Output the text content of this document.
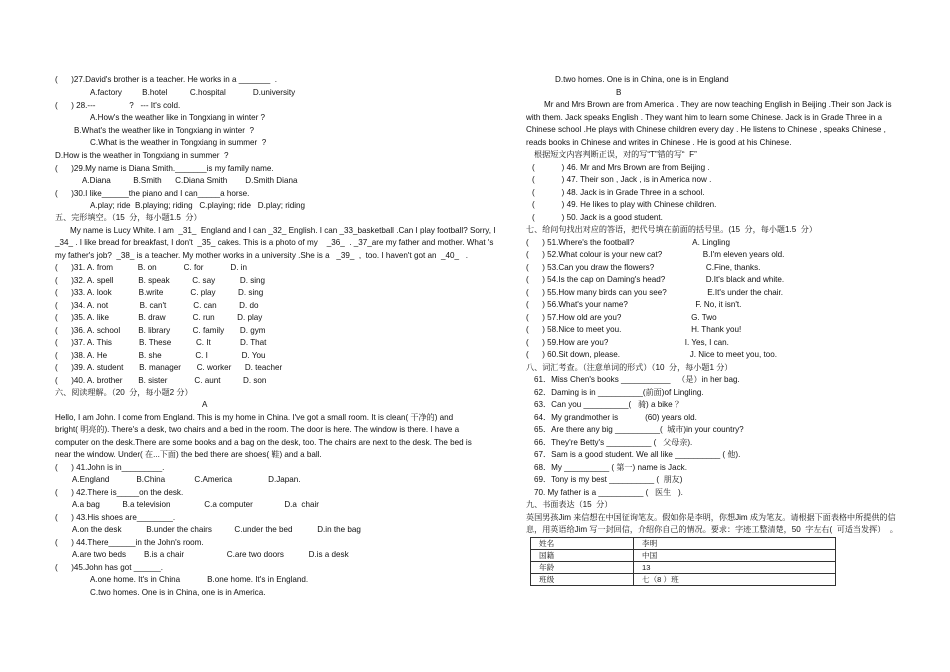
姓名	李明
国籍	中国
年龄	13
班级	七（8 ）班
(      )27.David's brother is a teacher. He works in a _______  .
A.factory         B.hotel          C.hospital            D.university
(      ) 28.---               ?   --- It's cold.
A.How's the weather like in Tongxiang in winter ?
B.What's the weather like in Tongxiang in winter  ?
C.What is the weather in Tongxiang in summer  ?
D.How is the weather in Tongxiang in summer  ?
(      )29.My name is Diana Smith._______is my family name.
A.Diana          B.Smith      C.Diana Smith        D.Smith Diana
(      )30.I like______the piano and I can_____a horse.
A.play; ride  B.playing; riding   C.playing; ride   D.play; riding
五、完形填空。（15  分，每小题1.5  分）
My name is Lucy White. I am  _31_  England and I can _32_ English. I can _33_basketball .Can I play football? Sorry, I
_34_ . I like bread for breakfast, I don't  _35_ cakes. This is a photo of my    _36_  . _37_are my father and mother. What 's
my father's job?  _38_ is a teacher. My mother works in a university .She is a   _39_  ,  too. I haven't got an  _40_   .
(      )31. A. from           B. on            C. for            D. in
(      )32. A. spell           B. speak          C. say           D. sing
(      )33. A. look            B.write            C. play          D. sing
(      )34. A. not              B. can't            C. can          D. do
(      )35. A. like             B. draw            C. run          D. play
(      )36. A. school        B. library          C. family       D. gym
(      )37. A. This            B. These           C. It             D. That
(      )38. A. He              B. she               C. I               D. You
(      )39. A. student       B. manager       C. worker      D. teacher
(      )40. A. brother       B. sister            C. aunt          D. son
六、阅读理解。（20  分，每小题2 分）
A
Hello, I am John. I come from England. This is my home in China. I've got a small room. It is clean( 干净的) and
bright( 明亮的). There's a desk, two chairs and a bed in the room. The door is here. The window is there. I have a
computer on the desk.There are some books and a bag on the desk, too. The chairs are next to the desk. The bed is
near the window. Under( 在...下面) the bed there are shoes( 鞋) and a ball.
(      ) 41.John is in_________.
A.England            B.China             C.America                D.Japan.
(      ) 42.There is_____on the desk.
A.a bag          B.a television               C.a computer              D.a  chair
(      ) 43.His shoes are________.
A.on the desk           B.under the chairs          C.under the bed           D.in the bag
(      ) 44.There______in the John's room.
A.are two beds        B.is a chair                   C.are two doors           D.is a desk
(      )45.John has got ______.
A.one home. It's in China            B.one home. It's in England.
C.two homes. One is in China, one is in America.
D.two homes. One is in China, one is in England
B
Mr and Mrs Brown are from America . They are now teaching English in Beijing .Their son Jack is
with them. Jack speaks English . They want him to learn some Chinese. Jack is in Grade Three in a
Chinese school .He plays with Chinese children every day . He listens to Chinese , speaks Chinese ,
reads books in Chinese and writes in Chinese . He is good at his Chinese.
根据短文内容判断正误，对的写“T”错的写“  F”
(            ) 46. Mr and Mrs Brown are from Beijing .
(            ) 47. Their son , Jack , is in America now .
(            ) 48. Jack is in Grade Three in a school.
(            ) 49. He likes to play with Chinese children.
(            ) 50. Jack is a good student.
七、给问句找出对应的答语，把代号填在前面的括号里。(15  分，每小题1.5  分）
(      ) 51.Where's the football?                          A. Lingling
(      ) 52.What colour is your new cat?                  B.I'm eleven years old.
(      ) 53.Can you draw the flowers?                       C.Fine, thanks.
(      ) 54.Is the cap on Daming's head?                  D.It's black and white.
(      ) 55.How many birds can you see?                  E.It's under the chair.
(      ) 56.What's your name?                              F. No, it isn't.
(      ) 57.How old are you?                               G. Two
(      ) 58.Nice to meet you.                               H. Thank you!
(      ) 59.How are you?                                  I. Yes, I can.
(      ) 60.Sit down, please.                               J. Nice to meet you, too.
八、词汇考查。（注意单词的形式）（10  分，每小题1 分）
61．Miss Chen's books ___________   （是）in her bag.
62．Daming is in __________(前面)of Lingling.
63．Can you __________(   骑) a bike ？
64．My grandmother is            (60) years old.
65．Are there any big __________(  城市)in your country?
66．They're Betty's __________ (   父母亲).
67．Sam is a good student. We all like __________ ( 他).
68．My __________ ( 第一) name is Jack.
69．Tony is my best __________ (  朋友)
70. My father is a __________ (   医生   ).
九、书面表达（15  分）
英国男孩Jim 来信想在中国征询笔友。假如你是李明，你想Jim 成为笔友。请根据下面表格中所提供的信
息，用英语给Jim 写一封回信，介绍你自己的情况。要求：字迹工整清楚，50  字左右(  可适当发挥）  。
